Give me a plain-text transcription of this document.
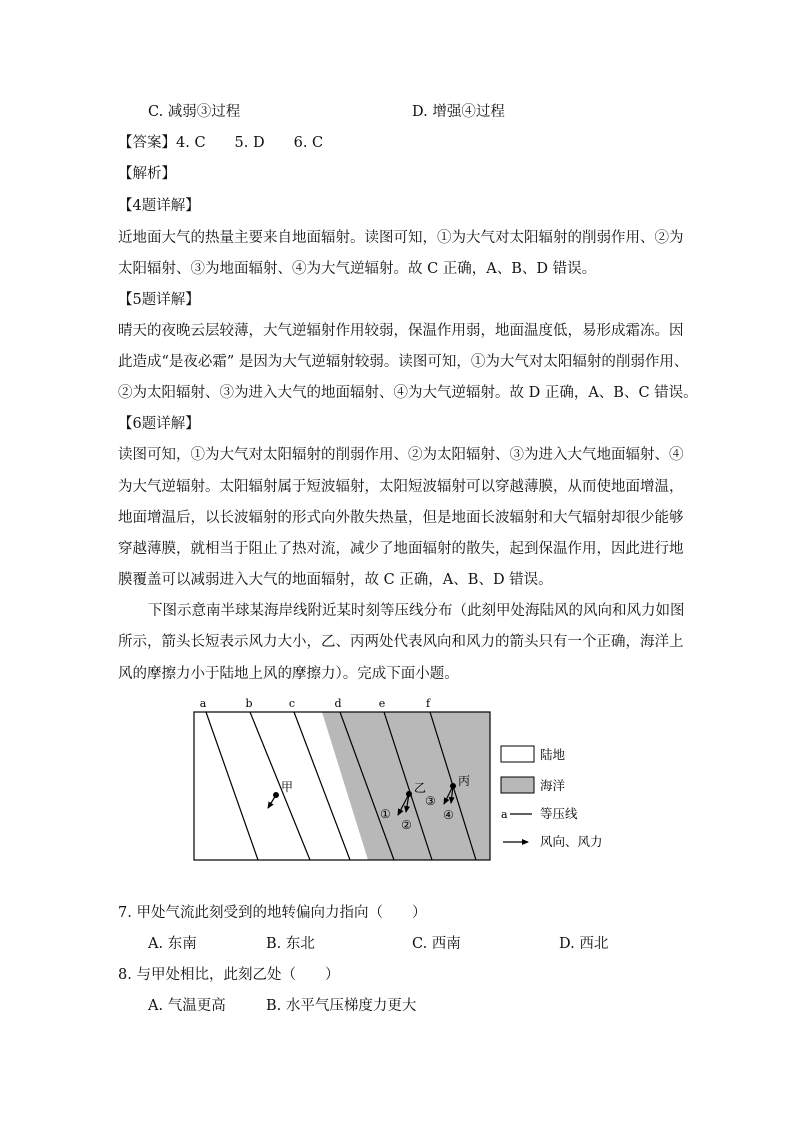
C. 减弱③过程	D. 增强④过程
【答案】4. C　　5. D　　6. C
【解析】
【4题详解】
近地面大气的热量主要来自地面辐射。读图可知，①为大气对太阳辐射的削弱作用、②为
太阳辐射、③为地面辐射、④为大气逆辐射。故 C 正确，A、B、D 错误。
【5题详解】
晴天的夜晚云层较薄，大气逆辐射作用较弱，保温作用弱，地面温度低，易形成霜冻。因
此造成“是夜必霜” 是因为大气逆辐射较弱。读图可知，①为大气对太阳辐射的削弱作用、
②为太阳辐射、③为进入大气的地面辐射、④为大气逆辐射。故 D 正确，A、B、C 错误。
【6题详解】
读图可知，①为大气对太阳辐射的削弱作用、②为太阳辐射、③为进入大气地面辐射、④
为大气逆辐射。太阳辐射属于短波辐射，太阳短波辐射可以穿越薄膜，从而使地面增温，
地面增温后，以长波辐射的形式向外散失热量，但是地面长波辐射和大气辐射却很少能够
穿越薄膜，就相当于阻止了热对流，减少了地面辐射的散失，起到保温作用，因此进行地
膜覆盖可以减弱进入大气的地面辐射，故 C 正确，A、B、D 错误。
下图示意南半球某海岸线附近某时刻等压线分布（此刻甲处海陆风的风向和风力如图
所示，箭头长短表示风力大小，乙、丙两处代表风向和风力的箭头只有一个正确，海洋上
风的摩擦力小于陆地上风的摩擦力）。完成下面小题。
a	b	c	d	e	f
甲	乙
①
②
丙
③
④
陆地
海洋
a	等压线
风向、风力
7. 甲处气流此刻受到的地转偏向力指向（　　）
A. 东南	B. 东北	C. 西南	D. 西北
8. 与甲处相比，此刻乙处（　　）
A. 气温更高	B. 水平气压梯度力更大
